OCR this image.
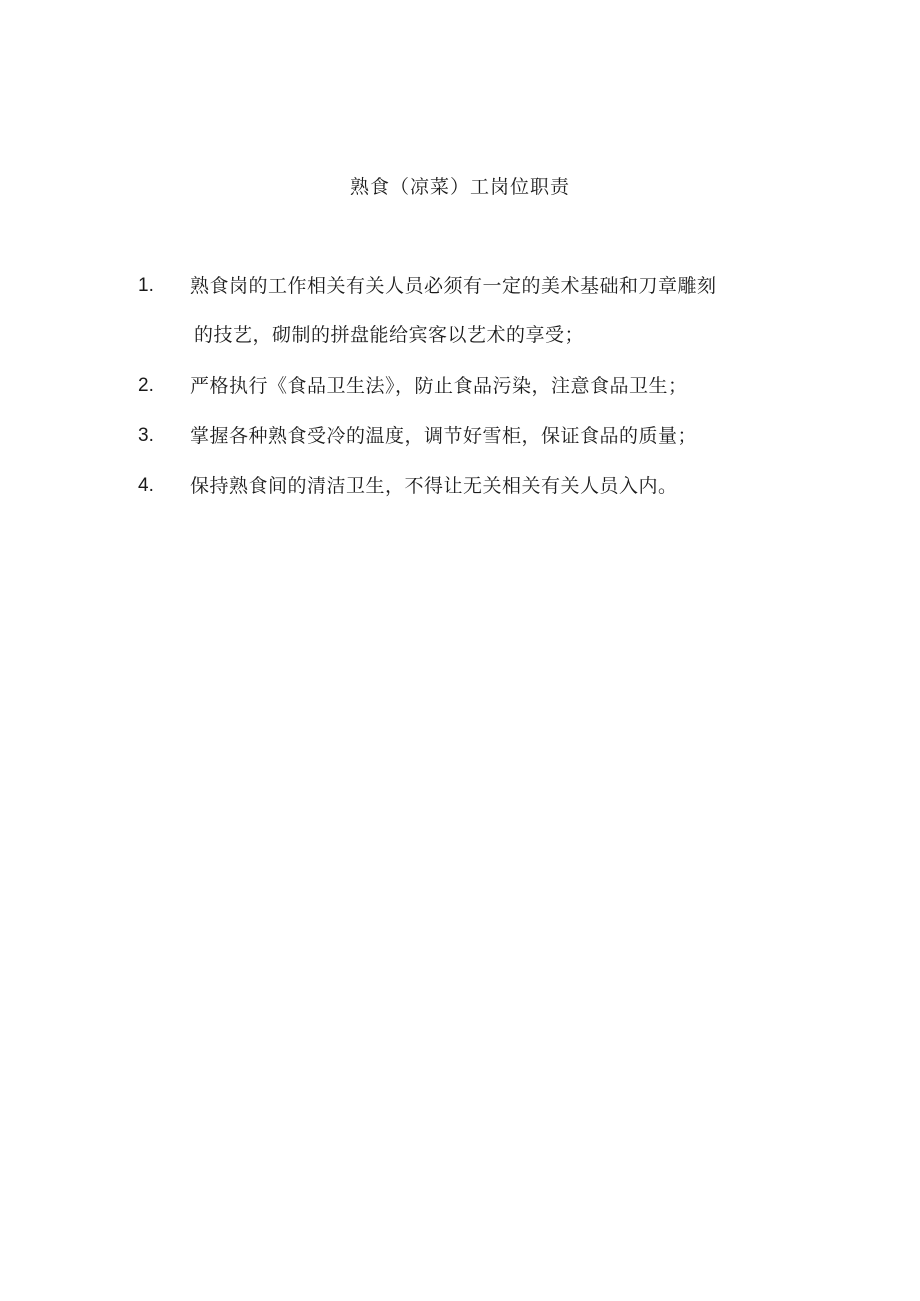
熟食（凉菜）工岗位职责
1. 熟食岗的工作相关有关人员必须有一定的美术基础和刀章雕刻
的技艺，砌制的拼盘能给宾客以艺术的享受；
2. 严格执行《食品卫生法》，防止食品污染，注意食品卫生；
3. 掌握各种熟食受冷的温度，调节好雪柜，保证食品的质量；
4. 保持熟食间的清洁卫生，不得让无关相关有关人员入内。
